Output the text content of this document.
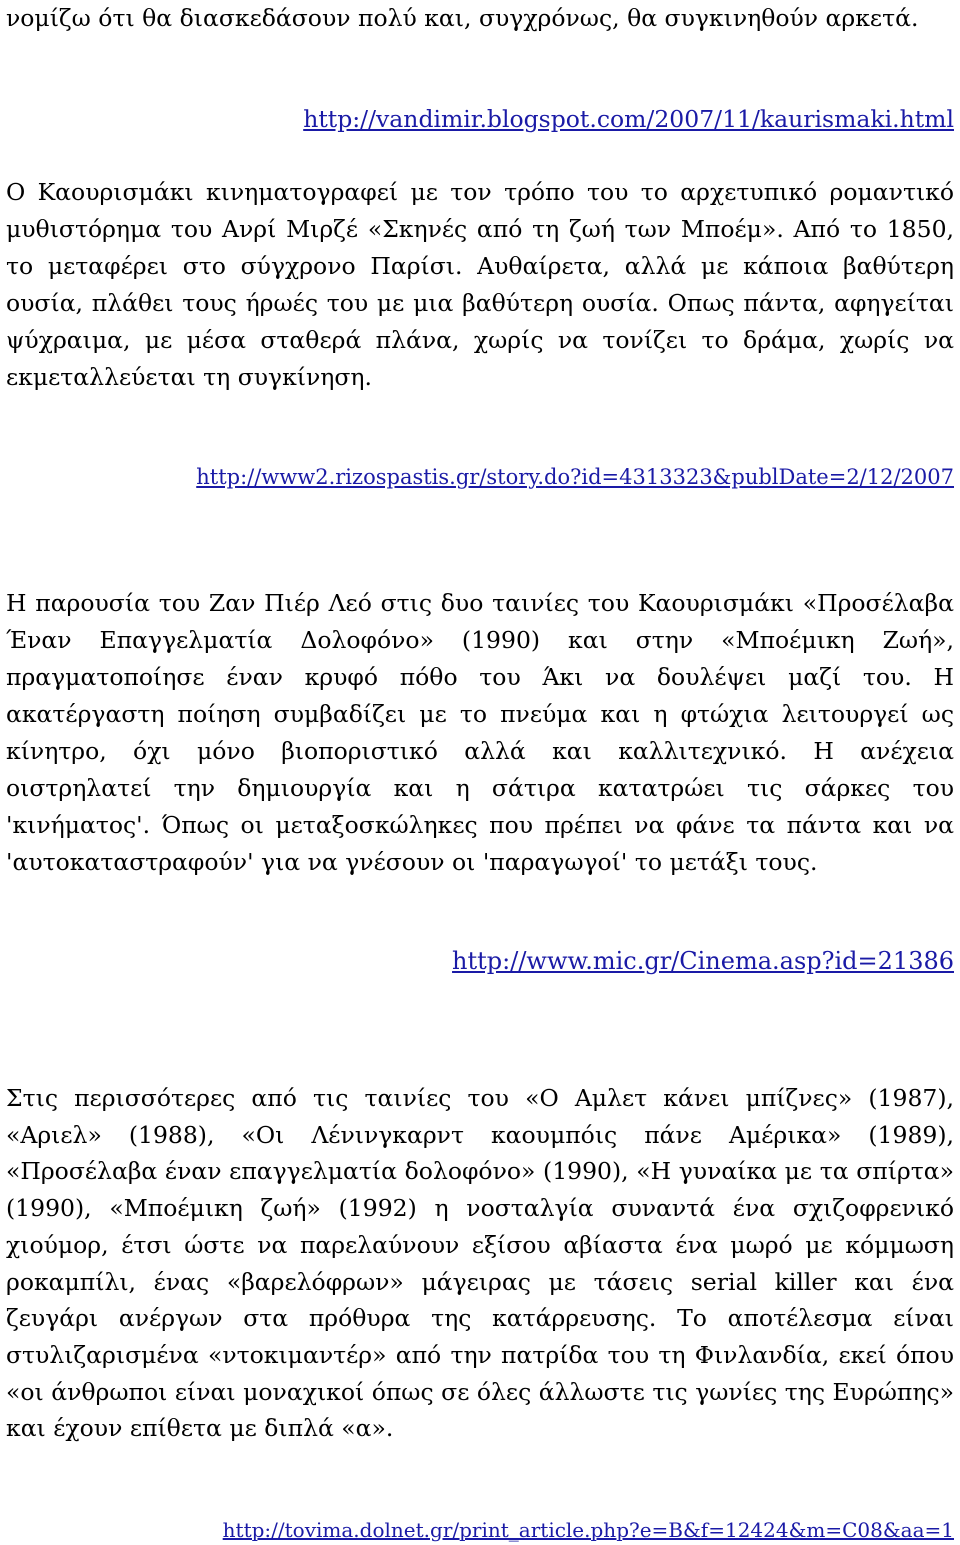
νομίζω ότι θα διασκεδάσουν πολύ και, συγχρόνως, θα συγκινηθούν αρκετά.

http://vandimir.blogspot.com/2007/11/kaurismaki.html

Ο Καουρισμάκι κινηματογραφεί με τον τρόπο του το αρχετυπικό ρομαντικό μυθιστόρημα του Ανρί Μιρζέ «Σκηνές από τη ζωή των Μποέμ». Από το 1850, το μεταφέρει στο σύγχρονο Παρίσι. Αυθαίρετα, αλλά με κάποια βαθύτερη ουσία, πλάθει τους ήρωές του με μια βαθύτερη ουσία. Οπως πάντα, αφηγείται ψύχραιμα, με μέσα σταθερά πλάνα, χωρίς να τονίζει το δράμα, χωρίς να εκμεταλλεύεται τη συγκίνηση.

http://www2.rizospastis.gr/story.do?id=4313323&publDate=2/12/2007

Η παρουσία του Ζαν Πιέρ Λεό στις δυο ταινίες του Καουρισμάκι «Προσέλαβα Έναν Επαγγελματία Δολοφόνο» (1990) και στην «Μποέμικη Ζωή», πραγματοποίησε έναν κρυφό πόθο του Άκι να δουλέψει μαζί του. Η ακατέργαστη ποίηση συμβαδίζει με το πνεύμα και η φτώχια λειτουργεί ως κίνητρο, όχι μόνο βιοποριστικό αλλά και καλλιτεχνικό. Η ανέχεια οιστρηλατεί την δημιουργία και η σάτιρα κατατρώει τις σάρκες του 'κινήματος'. Όπως οι μεταξοσκώληκες που πρέπει να φάνε τα πάντα και να 'αυτοκαταστραφούν' για να γνέσουν οι 'παραγωγοί' το μετάξι τους.

http://www.mic.gr/Cinema.asp?id=21386

Στις περισσότερες από τις ταινίες του «Ο Αμλετ κάνει μπίζνες» (1987), «Αριελ» (1988), «Οι Λένινγκαρντ καουμπόις πάνε Αμέρικα» (1989), «Προσέλαβα έναν επαγγελματία δολοφόνο» (1990), «Η γυναίκα με τα σπίρτα» (1990), «Μποέμικη ζωή» (1992) η νοσταλγία συναντά ένα σχιζοφρενικό χιούμορ, έτσι ώστε να παρελαύνουν εξίσου αβίαστα ένα μωρό με κόμμωση ροκαμπίλι, ένας «βαρελόφρων» μάγειρας με τάσεις serial killer και ένα ζευγάρι ανέργων στα πρόθυρα της κατάρρευσης. Το αποτέλεσμα είναι στυλιζαρισμένα «ντοκιμαντέρ» από την πατρίδα του τη Φινλανδία, εκεί όπου «οι άνθρωποι είναι μοναχικοί όπως σε όλες άλλωστε τις γωνίες της Ευρώπης» και έχουν επίθετα με διπλά «α».

http://tovima.dolnet.gr/print_article.php?e=B&f=12424&m=C08&aa=1
